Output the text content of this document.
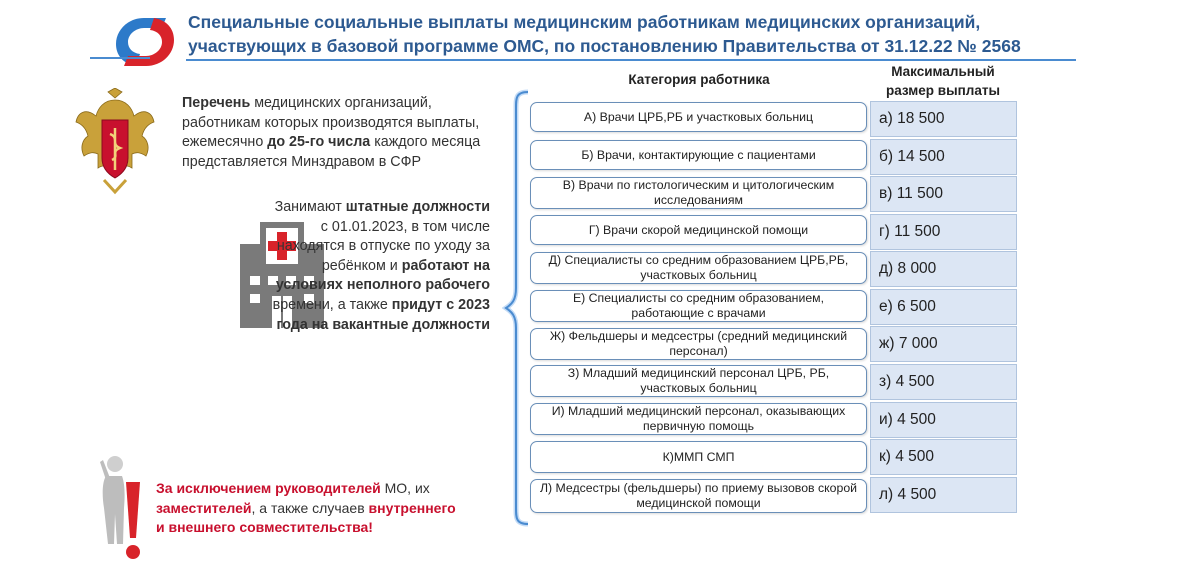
Специальные социальные выплаты медицинским работникам медицинских организаций,
участвующих в базовой программе ОМС, по постановлению Правительства от 31.12.22 № 2568
Перечень медицинских организаций, работникам которых производятся выплаты, ежемесячно до 25-го числа каждого месяца представляется Минздравом в СФР
Занимают штатные должности с 01.01.2023, в том числе находятся в отпуске по уходу за ребёнком и работают на условиях неполного рабочего времени, а также придут с 2023 года на вакантные должности
За исключением руководителей МО, их заместителей, а также случаев внутреннего и внешнего совместительства!
Категория работника
Максимальный
размер выплаты
А) Врачи ЦРБ,РБ и участковых больниц	а) 18 500
Б) Врачи, контактирующие с пациентами	б) 14 500
В) Врачи по гистологическим и цитологическим исследованиям	в) 11 500
Г) Врачи скорой медицинской помощи	г) 11 500
Д) Специалисты со средним образованием ЦРБ,РБ, участковых больниц	д) 8 000
Е) Специалисты со средним образованием, работающие с врачами	е) 6 500
Ж) Фельдшеры и медсестры (средний медицинский персонал)	ж) 7 000
З) Младший медицинский персонал ЦРБ, РБ, участковых больниц	з) 4 500
И) Младший медицинский персонал, оказывающих первичную помощь	и) 4 500
К)ММП СМП	к) 4 500
Л) Медсестры (фельдшеры) по приему вызовов скорой медицинской помощи	л) 4 500
